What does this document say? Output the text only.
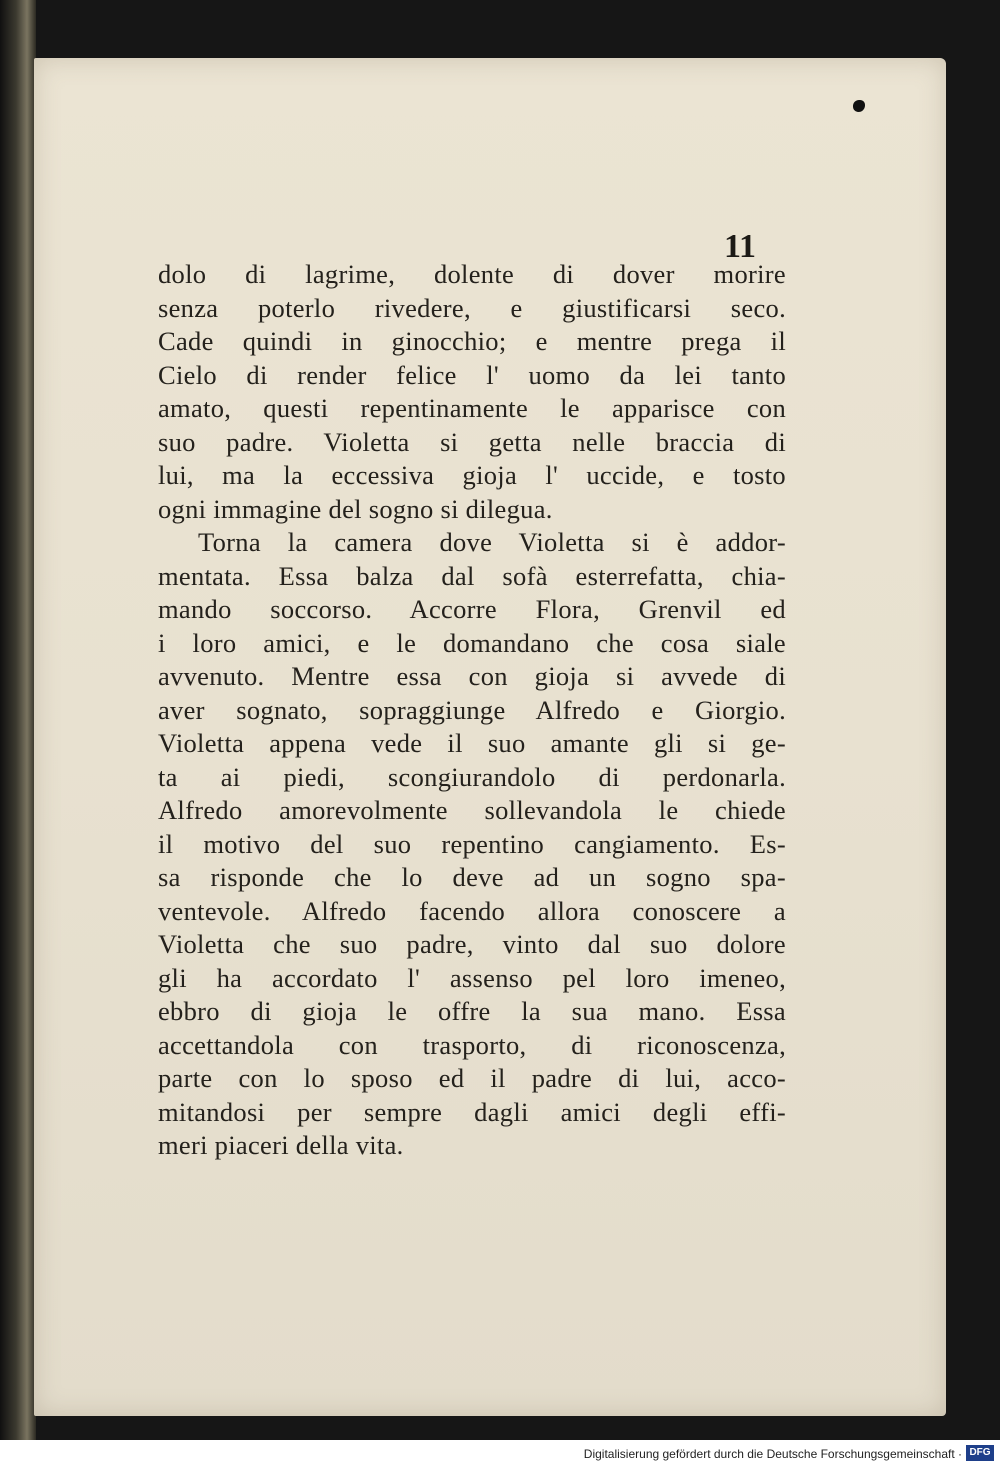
11
dolo di lagrime, dolente di dover morire
senza poterlo rivedere, e giustificarsi seco.
Cade quindi in ginocchio; e mentre prega il
Cielo di render felice l' uomo da lei tanto
amato, questi repentinamente le apparisce con
suo padre. Violetta si getta nelle braccia di
lui, ma la eccessiva gioja l' uccide, e tosto
ogni immagine del sogno si dilegua.
Torna la camera dove Violetta si è addor-
mentata. Essa balza dal sofà esterrefatta, chia-
mando soccorso. Accorre Flora, Grenvil ed
i loro amici, e le domandano che cosa siale
avvenuto. Mentre essa con gioja si avvede di
aver sognato, sopraggiunge Alfredo e Giorgio.
Violetta appena vede il suo amante gli si ge-
ta ai piedi, scongiurandolo di perdonarla.
Alfredo amorevolmente sollevandola le chiede
il motivo del suo repentino cangiamento. Es-
sa risponde che lo deve ad un sogno spa-
ventevole. Alfredo facendo allora conoscere a
Violetta che suo padre, vinto dal suo dolore
gli ha accordato l' assenso pel loro imeneo,
ebbro di gioja le offre la sua mano. Essa
accettandola con trasporto, di riconoscenza,
parte con lo sposo ed il padre di lui, acco-
mitandosi per sempre dagli amici degli effi-
meri piaceri della vita.
Digitalisierung gefördert durch die Deutsche Forschungsgemeinschaft · DFG
